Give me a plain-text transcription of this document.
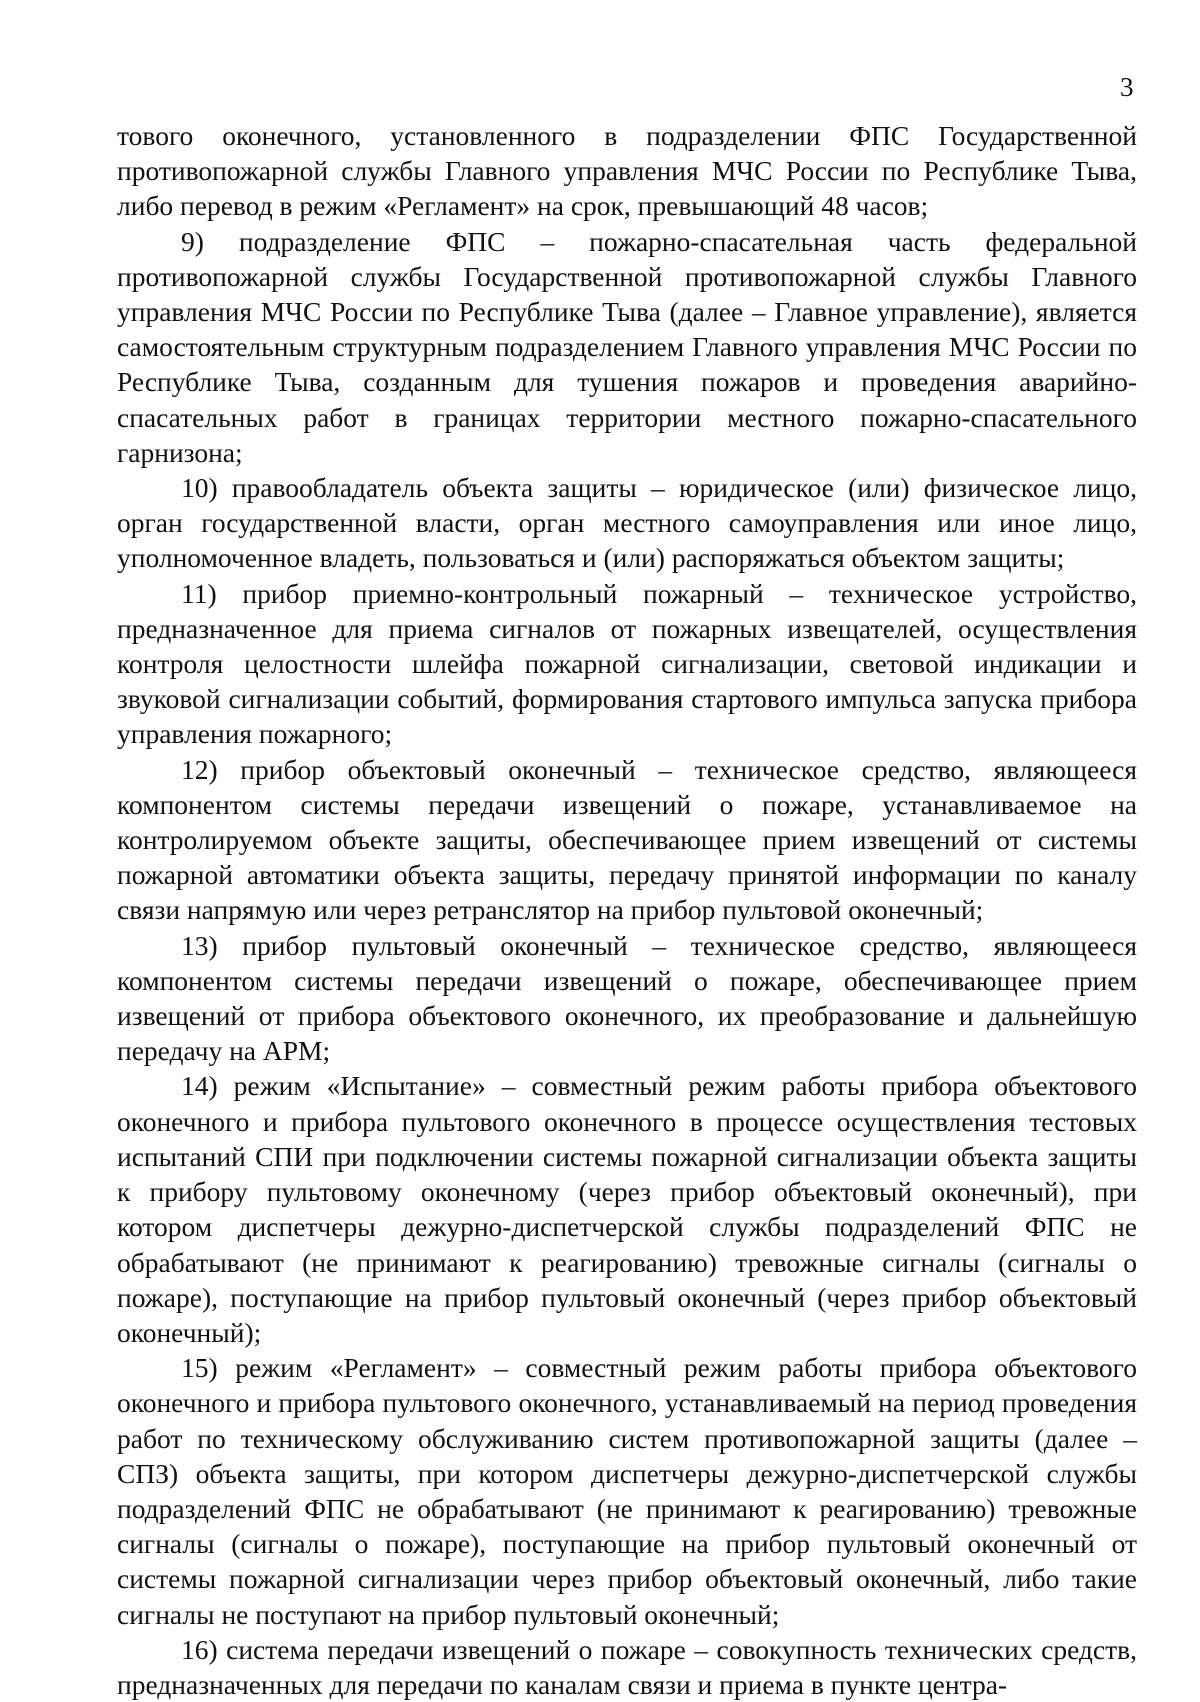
3

тового оконечного, установленного в подразделении ФПС Государственной противопожарной службы Главного управления МЧС России по Республике Тыва, либо перевод в режим «Регламент» на срок, превышающий 48 часов;

9) подразделение ФПС – пожарно-спасательная часть федеральной противопожарной службы Государственной противопожарной службы Главного управления МЧС России по Республике Тыва (далее – Главное управление), является самостоятельным структурным подразделением Главного управления МЧС России по Республике Тыва, созданным для тушения пожаров и проведения аварийно-спасательных работ в границах территории местного пожарно-спасательного гарнизона;

10) правообладатель объекта защиты – юридическое (или) физическое лицо, орган государственной власти, орган местного самоуправления или иное лицо, уполномоченное владеть, пользоваться и (или) распоряжаться объектом защиты;

11) прибор приемно-контрольный пожарный – техническое устройство, предназначенное для приема сигналов от пожарных извещателей, осуществления контроля целостности шлейфа пожарной сигнализации, световой индикации и звуковой сигнализации событий, формирования стартового импульса запуска прибора управления пожарного;

12) прибор объектовый оконечный – техническое средство, являющееся компонентом системы передачи извещений о пожаре, устанавливаемое на контролируемом объекте защиты, обеспечивающее прием извещений от системы пожарной автоматики объекта защиты, передачу принятой информации по каналу связи напрямую или через ретранслятор на прибор пультовой оконечный;

13) прибор пультовый оконечный – техническое средство, являющееся компонентом системы передачи извещений о пожаре, обеспечивающее прием извещений от прибора объектового оконечного, их преобразование и дальнейшую передачу на АРМ;

14) режим «Испытание» – совместный режим работы прибора объектового оконечного и прибора пультового оконечного в процессе осуществления тестовых испытаний СПИ при подключении системы пожарной сигнализации объекта защиты к прибору пультовому оконечному (через прибор объектовый оконечный), при котором диспетчеры дежурно-диспетчерской службы подразделений ФПС не обрабатывают (не принимают к реагированию) тревожные сигналы (сигналы о пожаре), поступающие на прибор пультовый оконечный (через прибор объектовый оконечный);

15) режим «Регламент» – совместный режим работы прибора объектового оконечного и прибора пультового оконечного, устанавливаемый на период проведения работ по техническому обслуживанию систем противопожарной защиты (далее – СПЗ) объекта защиты, при котором диспетчеры дежурно-диспетчерской службы подразделений ФПС не обрабатывают (не принимают к реагированию) тревожные сигналы (сигналы о пожаре), поступающие на прибор пультовый оконечный от системы пожарной сигнализации через прибор объектовый оконечный, либо такие сигналы не поступают на прибор пультовый оконечный;

16) система передачи извещений о пожаре – совокупность технических средств, предназначенных для передачи по каналам связи и приема в пункте центра-
